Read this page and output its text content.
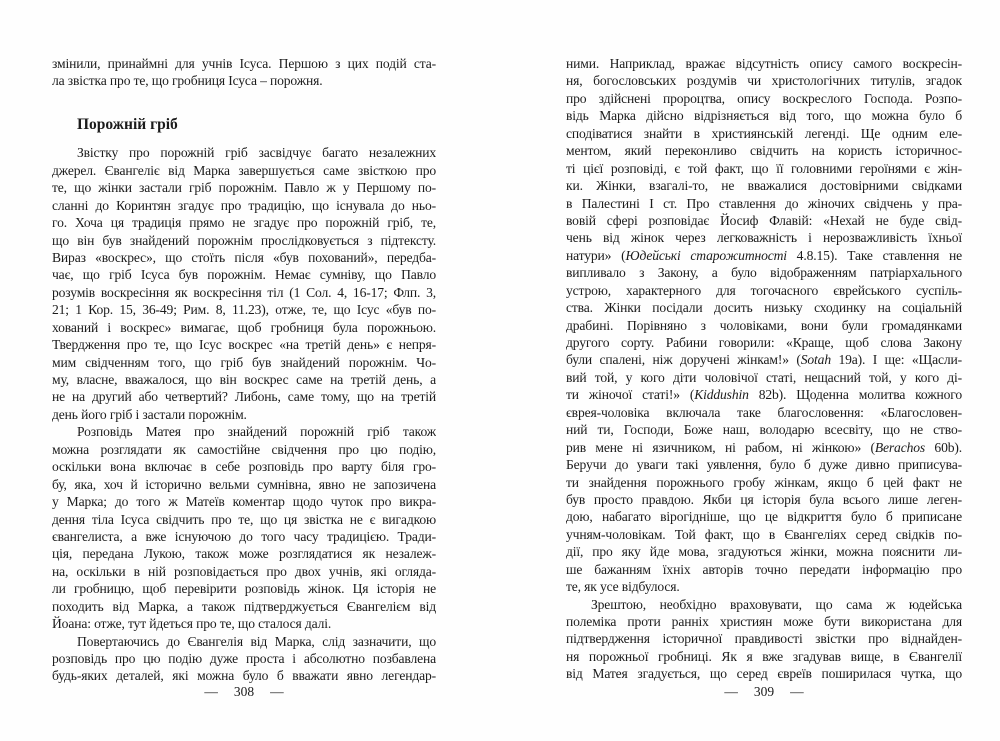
змінили, принаймні для учнів Ісуса. Першою з цих подій ста-
ла звістка про те, що гробниця Ісуса – порожня.
Порожній гріб
Звістку про порожній гріб засвідчує багато незалежних
джерел. Євангеліє від Марка завершується саме звісткою про
те, що жінки застали гріб порожнім. Павло ж у Першому по-
сланні до Коринтян згадує про традицію, що існувала до ньо-
го. Хоча ця традиція прямо не згадує про порожній гріб, те,
що він був знайдений порожнім прослідковується з підтексту.
Вираз «воскрес», що стоїть після «був похований», передба-
чає, що гріб Ісуса був порожнім. Немає сумніву, що Павло
розумів воскресіння як воскресіння тіл (1 Сол. 4, 16-17; Флп. 3,
21; 1 Кор. 15, 36-49; Рим. 8, 11.23), отже, те, що Ісус «був по-
хований і воскрес» вимагає, щоб гробниця була порожньою.
Твердження про те, що Ісус воскрес «на третій день» є непря-
мим свідченням того, що гріб був знайдений порожнім. Чо-
му, власне, вважалося, що він воскрес саме на третій день, а
не на другий або четвертий? Либонь, саме тому, що на третій
день його гріб і застали порожнім.
Розповідь Матея про знайдений порожній гріб також
можна розглядати як самостійне свідчення про цю подію,
оскільки вона включає в себе розповідь про варту біля гро-
бу, яка, хоч й історично вельми сумнівна, явно не запозичена
у Марка; до того ж Матеїв коментар щодо чуток про викра-
дення тіла Ісуса свідчить про те, що ця звістка не є вигадкою
євангелиста, а вже існуючою до того часу традицією. Тради-
ція, передана Лукою, також може розглядатися як незалеж-
на, оскільки в ній розповідається про двох учнів, які огляда-
ли гробницю, щоб перевірити розповідь жінок. Ця історія не
походить від Марка, а також підтверджується Євангелієм від
Йоана: отже, тут йдеться про те, що сталося далі.
Повертаючись до Євангелія від Марка, слід зазначити, що
розповідь про цю подію дуже проста і абсолютно позбавлена
будь-яких деталей, які можна було б вважати явно легендар-
ними. Наприклад, вражає відсутність опису самого воскресін-
ня, богословських роздумів чи христологічних титулів, згадок
про здійснені пророцтва, опису воскреслого Господа. Розпо-
відь Марка дійсно відрізняється від того, що можна було б
сподіватися знайти в християнській легенді. Ще одним еле-
ментом, який переконливо свідчить на користь історичнос-
ті цієї розповіді, є той факт, що її головними героїнями є жін-
ки. Жінки, взагалі-то, не вважалися достовірними свідками
в Палестині І ст. Про ставлення до жіночих свідчень у пра-
вовій сфері розповідає Йосиф Флавій: «Нехай не буде свід-
чень від жінок через легковажність і нерозважливість їхньої
натури» (Юдейські старожитності 4.8.15). Таке ставлення не
випливало з Закону, а було відображенням патріархального
устрою, характерного для тогочасного єврейського суспіль-
ства. Жінки посідали досить низьку сходинку на соціальній
драбині. Порівняно з чоловіками, вони були громадянками
другого сорту. Рабини говорили: «Краще, щоб слова Закону
були спалені, ніж доручені жінкам!» (Sotah 19a). І ще: «Щасли-
вий той, у кого діти чоловічої статі, нещасний той, у кого ді-
ти жіночої статі!» (Kiddushin 82b). Щоденна молитва кожного
єврея-чоловіка включала таке благословення: «Благословен-
ний ти, Господи, Боже наш, володарю всесвіту, що не ство-
рив мене ні язичником, ні рабом, ні жінкою» (Berachos 60b).
Беручи до уваги такі уявлення, було б дуже дивно приписува-
ти знайдення порожнього гробу жінкам, якщо б цей факт не
був просто правдою. Якби ця історія була всього лише леген-
дою, набагато вірогідніше, що це відкриття було б приписане
учням-чоловікам. Той факт, що в Євангеліях серед свідків по-
дії, про яку йде мова, згадуються жінки, можна пояснити ли-
ше бажанням їхніх авторів точно передати інформацію про
те, як усе відбулося.
Зрештою, необхідно враховувати, що сама ж юдейська
полеміка проти ранніх християн може бути використана для
підтвердження історичної правдивості звістки про віднайден-
ня порожньої гробниці. Як я вже згадував вище, в Євангелії
від Матея згадується, що серед євреїв поширилася чутка, що
— 308 —	— 309 —
